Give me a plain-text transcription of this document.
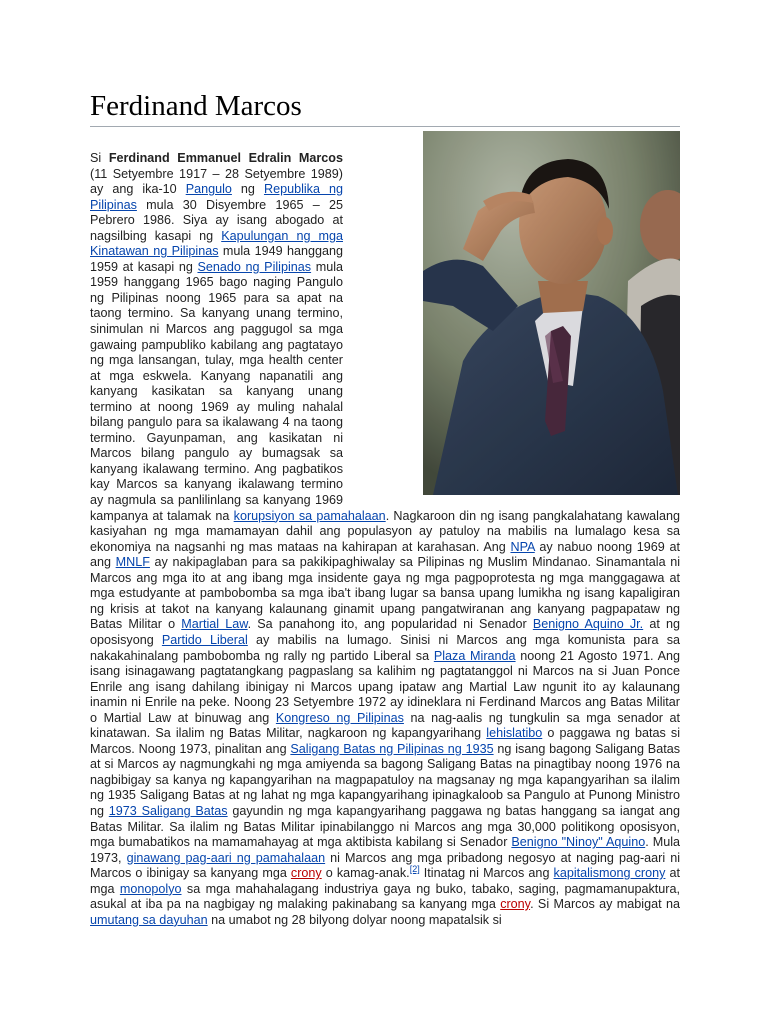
Ferdinand Marcos

Si Ferdinand Emmanuel Edralin Marcos (11 Setyembre 1917 – 28 Setyembre 1989) ay ang ika-10 Pangulo ng Republika ng Pilipinas mula 30 Disyembre 1965 – 25 Pebrero 1986. Siya ay isang abogado at nagsilbing kasapi ng Kapulungan ng mga Kinatawan ng Pilipinas mula 1949 hanggang 1959 at kasapi ng Senado ng Pilipinas mula 1959 hanggang 1965 bago naging Pangulo ng Pilipinas noong 1965 para sa apat na taong termino. Sa kanyang unang termino, sinimulan ni Marcos ang paggugol sa mga gawaing pampubliko kabilang ang pagtatayo ng mga lansangan, tulay, mga health center at mga eskwela. Kanyang napanatili ang kanyang kasikatan sa kanyang unang termino at noong 1969 ay muling nahalal bilang pangulo para sa ikalawang 4 na taong termino. Gayunpaman, ang kasikatan ni Marcos bilang pangulo ay bumagsak sa kanyang ikalawang termino. Ang pagbatikos kay Marcos sa kanyang ikalawang termino ay nagmula sa panlilinlang sa kanyang 1969 kampanya at talamak na korupsiyon sa pamahalaan. Nagkaroon din ng isang pangkalahatang kawalang kasiyahan ng mga mamamayan dahil ang populasyon ay patuloy na mabilis na lumalago kesa sa ekonomiya na nagsanhi ng mas mataas na kahirapan at karahasan. Ang NPA ay nabuo noong 1969 at ang MNLF ay nakipaglaban para sa pakikipaghiwalay sa Pilipinas ng Muslim Mindanao. Sinamantala ni Marcos ang mga ito at ang ibang mga insidente gaya ng mga pagpoprotesta ng mga manggagawa at mga estudyante at pambobomba sa mga iba't ibang lugar sa bansa upang lumikha ng isang kapaligiran ng krisis at takot na kanyang kalaunang ginamit upang pangatwiranan ang kanyang pagpapataw ng Batas Militar o Martial Law. Sa panahong ito, ang popularidad ni Senador Benigno Aquino Jr. at ng oposisyong Partido Liberal ay mabilis na lumago. Sinisi ni Marcos ang mga komunista para sa nakakahinalang pambobomba ng rally ng partido Liberal sa Plaza Miranda noong 21 Agosto 1971. Ang isang isinagawang pagtatangkang pagpaslang sa kalihim ng pagtatanggol ni Marcos na si Juan Ponce Enrile ang isang dahilang ibinigay ni Marcos upang ipataw ang Martial Law ngunit ito ay kalaunang inamin ni Enrile na peke. Noong 23 Setyembre 1972 ay idineklara ni Ferdinand Marcos ang Batas Militar o Martial Law at binuwag ang Kongreso ng Pilipinas na nag-aalis ng tungkulin sa mga senador at kinatawan. Sa ilalim ng Batas Militar, nagkaroon ng kapangyarihang lehislatibo o paggawa ng batas si Marcos. Noong 1973, pinalitan ang Saligang Batas ng Pilipinas ng 1935 ng isang bagong Saligang Batas at si Marcos ay nagmungkahi ng mga amiyenda sa bagong Saligang Batas na pinagtibay noong 1976 na nagbibigay sa kanya ng kapangyarihan na magpapatuloy na magsanay ng mga kapangyarihan sa ilalim ng 1935 Saligang Batas at ng lahat ng mga kapangyarihang ipinagkaloob sa Pangulo at Punong Ministro ng 1973 Saligang Batas gayundin ng mga kapangyarihang paggawa ng batas hanggang sa iangat ang Batas Militar. Sa ilalim ng Batas Militar ipinabilanggo ni Marcos ang mga 30,000 politikong oposisyon, mga bumabatikos na mamamahayag at mga aktibista kabilang si Senador Benigno "Ninoy" Aquino. Mula 1973, ginawang pag-aari ng pamahalaan ni Marcos ang mga pribadong negosyo at naging pag-aari ni Marcos o ibinigay sa kanyang mga crony o kamag-anak.[2] Itinatag ni Marcos ang kapitalismong crony at mga monopolyo sa mga mahahalagang industriya gaya ng buko, tabako, saging, pagmamanupaktura, asukal at iba pa na nagbigay ng malaking pakinabang sa kanyang mga crony. Si Marcos ay mabigat na umutang sa dayuhan na umabot ng 28 bilyong dolyar noong mapatalsik si
